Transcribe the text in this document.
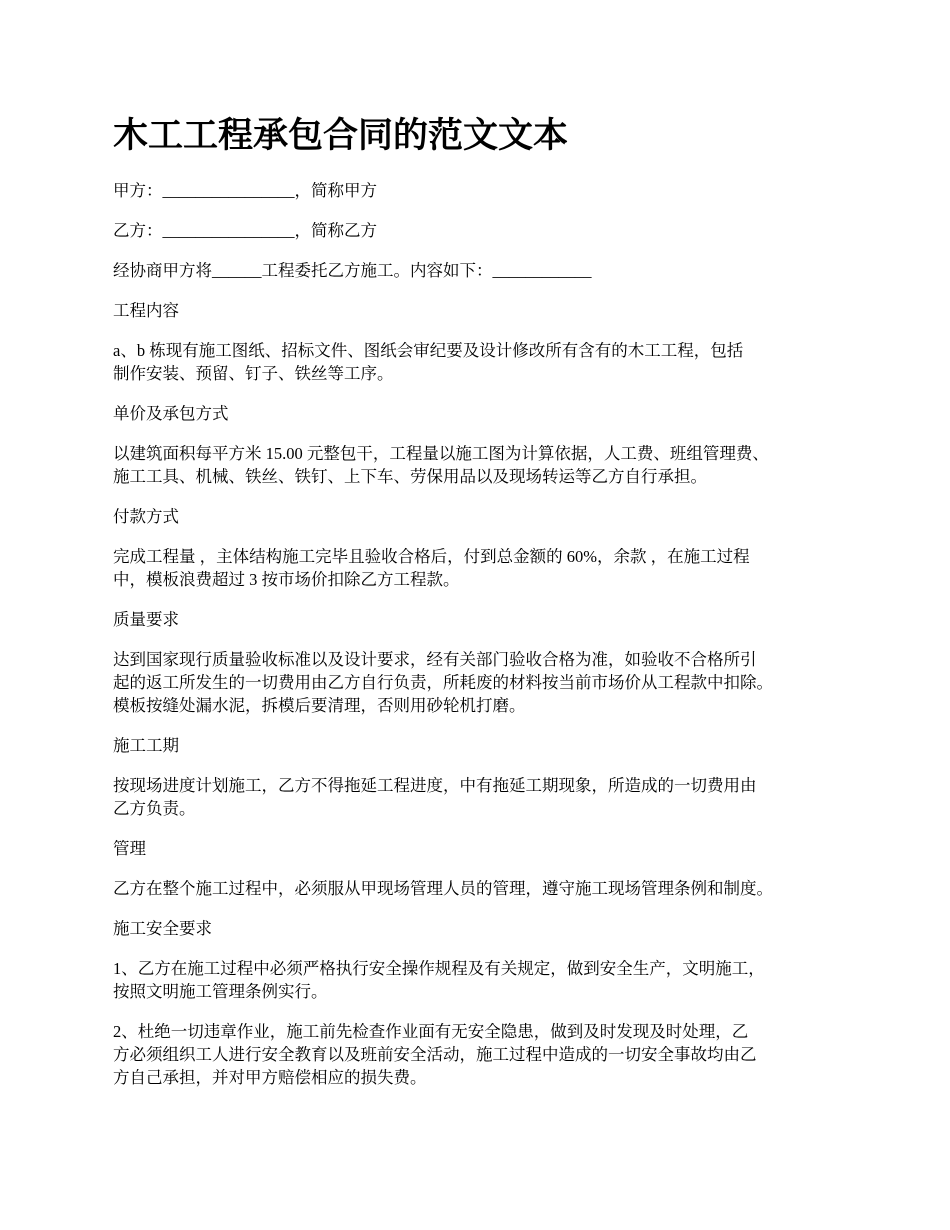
木工工程承包合同的范文文本

甲方：________________，简称甲方

乙方：________________，简称乙方

经协商甲方将______工程委托乙方施工。内容如下：____________

工程内容

a、b 栋现有施工图纸、招标文件、图纸会审纪要及设计修改所有含有的木工工程，包括
制作安装、预留、钉子、铁丝等工序。

单价及承包方式

以建筑面积每平方米 15.00 元整包干，工程量以施工图为计算依据，人工费、班组管理费、
施工工具、机械、铁丝、铁钉、上下车、劳保用品以及现场转运等乙方自行承担。

付款方式

完成工程量 ，主体结构施工完毕且验收合格后，付到总金额的 60%，余款 ，在施工过程
中，模板浪费超过 3 按市场价扣除乙方工程款。

质量要求

达到国家现行质量验收标准以及设计要求，经有关部门验收合格为准，如验收不合格所引
起的返工所发生的一切费用由乙方自行负责，所耗废的材料按当前市场价从工程款中扣除。
模板按缝处漏水泥，拆模后要清理，否则用砂轮机打磨。

施工工期

按现场进度计划施工，乙方不得拖延工程进度，中有拖延工期现象，所造成的一切费用由
乙方负责。

管理

乙方在整个施工过程中，必须服从甲现场管理人员的管理，遵守施工现场管理条例和制度。

施工安全要求

1、乙方在施工过程中必须严格执行安全操作规程及有关规定，做到安全生产，文明施工，
按照文明施工管理条例实行。

2、杜绝一切违章作业，施工前先检查作业面有无安全隐患，做到及时发现及时处理，乙
方必须组织工人进行安全教育以及班前安全活动，施工过程中造成的一切安全事故均由乙
方自己承担，并对甲方赔偿相应的损失费。
